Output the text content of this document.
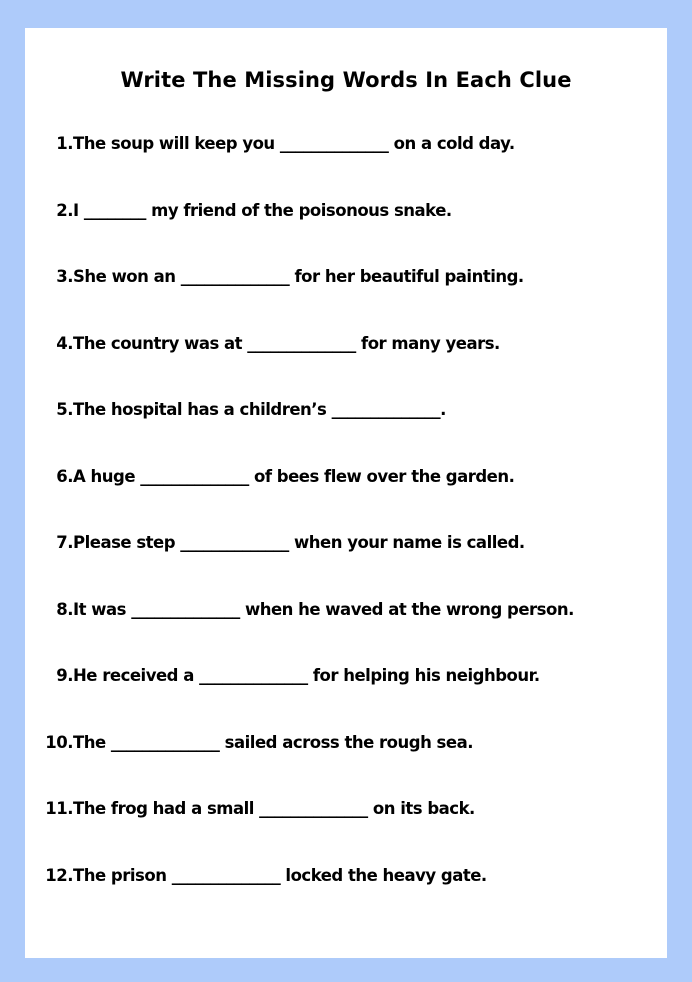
Write The Missing Words In Each Clue
1.The soup will keep you ______________ on a cold day.
2.I ________ my friend of the poisonous snake.
3.She won an ______________ for her beautiful painting.
4.The country was at ______________ for many years.
5.The hospital has a children’s ______________.
6.A huge ______________ of bees flew over the garden.
7.Please step ______________ when your name is called.
8.It was ______________ when he waved at the wrong person.
9.He received a ______________ for helping his neighbour.
10.The ______________ sailed across the rough sea.
11.The frog had a small ______________ on its back.
12.The prison ______________ locked the heavy gate.
